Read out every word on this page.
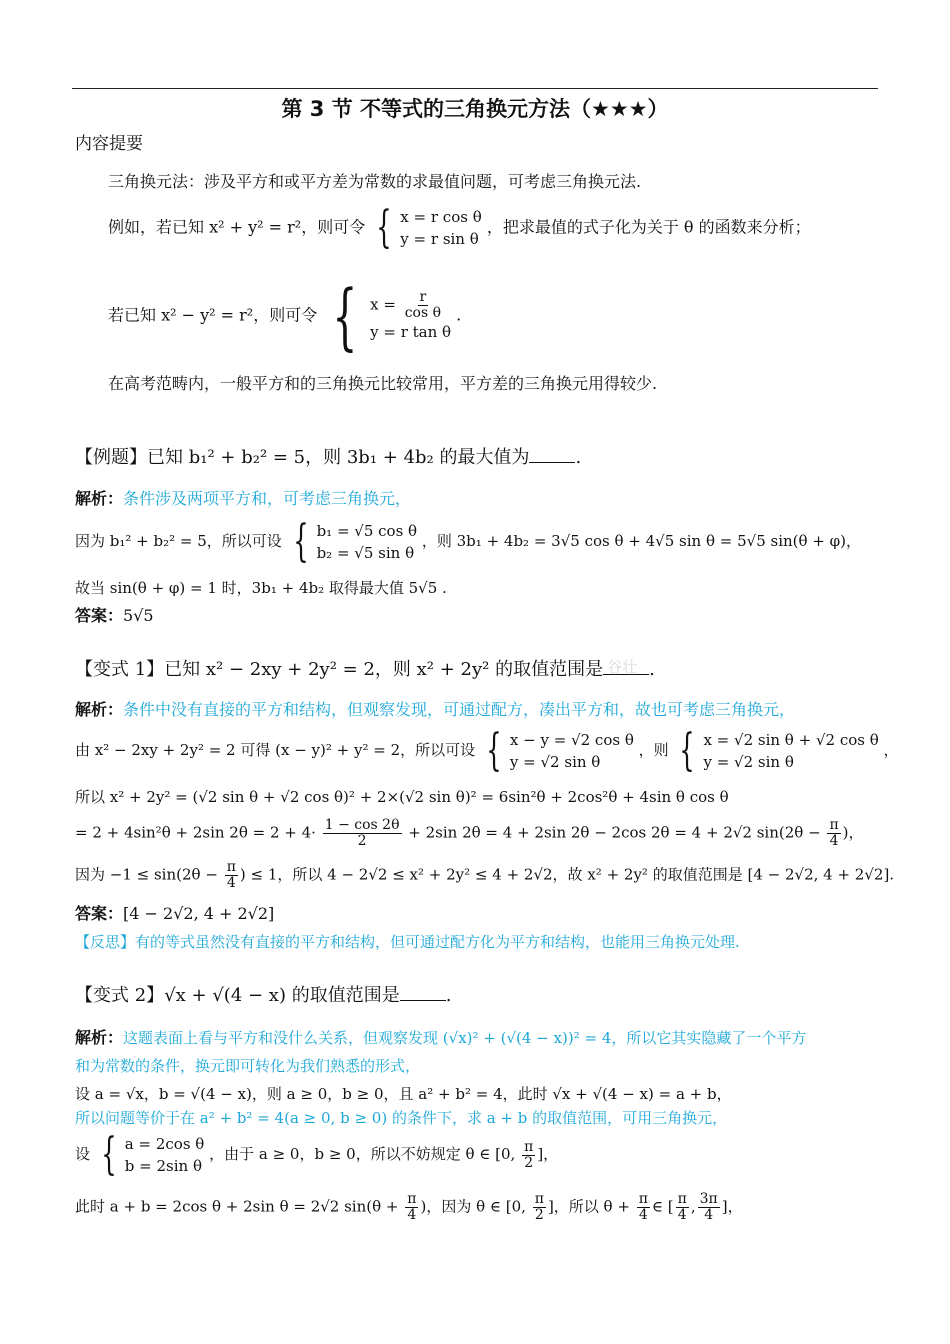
第 3 节 不等式的三角换元方法（★★★）
内容提要
三角换元法：涉及平方和或平方差为常数的求最值问题，可考虑三角换元法.
例如，若已知 x² + y² = r²，则可令 { x = r cos θ
y = r sin θ
，把求最值的式子化为关于 θ 的函数来分析；
若已知 x² − y² = r²，则可令 { $x = \frac{r}{\text{cos θ}}$
y = r tan θ
.
在高考范畴内，一般平方和的三角换元比较常用，平方差的三角换元用得较少.
【例题】已知 b₁² + b₂² = 5，则 3b₁ + 4b₂ 的最大值为	.
解析：条件涉及两项平方和，可考虑三角换元，
因为 b₁² + b₂² = 5，所以可设 { b₁ = √5 cos θ
b₂ = √5 sin θ
，则 3b₁ + 4b₂ = 3√5 cos θ + 4√5 sin θ = 5√5 sin(θ + φ)，
故当 sin(θ + φ) = 1 时，3b₁ + 4b₂ 取得最大值 5√5 .
答案：5√5
【变式 1】已知 x² − 2xy + 2y² = 2，则 x² + 2y² 的取值范围是 谷壮 .
解析：条件中没有直接的平方和结构，但观察发现，可通过配方，凑出平方和，故也可考虑三角换元，
由 x² − 2xy + 2y² = 2 可得 (x − y)² + y² = 2，所以可设 { x − y = √2 cos θ
y = √2 sin θ
，则 { x = √2 sin θ + √2 cos θ
y = √2 sin θ
，
所以 x² + 2y² = (√2 sin θ + √2 cos θ)² + 2×(√2 sin θ)² = 6sin²θ + 2cos²θ + 4sin θ cos θ
= 2 + 4sin²θ + 2sin $2\theta = 2 + 4\cdot \frac{1 - \cos 2\theta}{2} + 2\sin$ 2θ = 4 + 2sin 2θ − 2cos 2θ = 4 + 2√2 $\sin(2\theta - \frac{\pi}{4}$ )，
因为 $-1 \le \sin(2\theta - \frac{\pi}{4}$ ) ≤ 1，所以 4 − 2√2 ≤ x² + 2y² ≤ 4 + 2√2，故 x² + 2y² 的取值范围是 [4 − 2√2, 4 + 2√2].
答案：[4 − 2√2, 4 + 2√2]
【反思】有的等式虽然没有直接的平方和结构，但可通过配方化为平方和结构，也能用三角换元处理.
【变式 2】√x + √(4 − x) 的取值范围是	.
解析：这题表面上看与平方和没什么关系，但观察发现 (√x)² + (√(4 − x))² = 4，所以它其实隐藏了一个平方
和为常数的条件，换元即可转化为我们熟悉的形式，
设 a = √x，b = √(4 − x)，则 a ≥ 0，b ≥ 0，且 a² + b² = 4，此时 √x + √(4 − x) = a + b，
所以问题等价于在 a² + b² = 4(a ≥ 0, b ≥ 0) 的条件下，求 a + b 的取值范围，可用三角换元，
设 { a = 2cos θ
b = 2sin θ
，由于 a ≥ 0，b ≥ 0，所以不妨规定 θ ∈ [0, $\frac{\pi}{2}$ ]，
此时 a + b = 2cos θ + 2sin θ = 2√2 $\sin(\theta + \frac{\pi}{4}$ )，因为 θ ∈ [0, $\frac{\pi}{2}$ ]，所以 $\theta + \frac{\pi}{4}$ ∈ [ $\frac{\pi}{4}$ , $\frac{3\pi}{4}$ ]，
